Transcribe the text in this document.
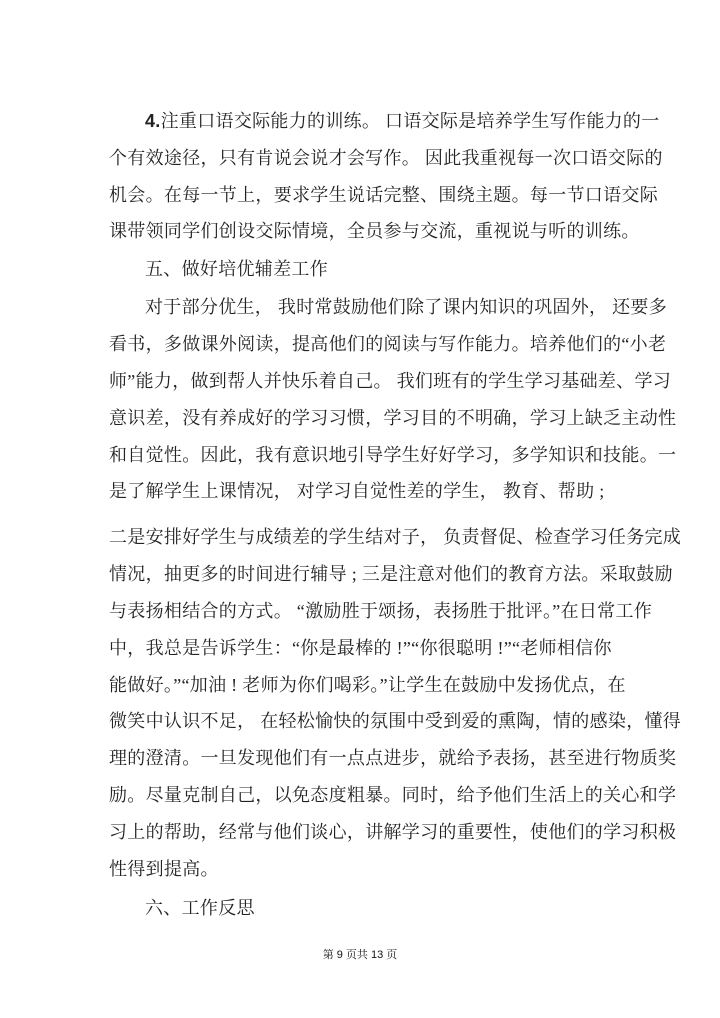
4.注重口语交际能力的训练。 口语交际是培养学生写作能力的一
个有效途径，只有肯说会说才会写作。 因此我重视每一次口语交际的
机会。在每一节上，要求学生说话完整、围绕主题。每一节口语交际
课带领同学们创设交际情境，全员参与交流，重视说与听的训练。
五、做好培优辅差工作
对于部分优生， 我时常鼓励他们除了课内知识的巩固外， 还要多
看书，多做课外阅读，提高他们的阅读与写作能力。培养他们的“小老
师”能力，做到帮人并快乐着自己。 我们班有的学生学习基础差、学习
意识差，没有养成好的学习习惯，学习目的不明确，学习上缺乏主动性
和自觉性。因此，我有意识地引导学生好好学习，多学知识和技能。一
是了解学生上课情况， 对学习自觉性差的学生， 教育、帮助 ;
二是安排好学生与成绩差的学生结对子， 负责督促、检查学习任务完成
情况，抽更多的时间进行辅导 ; 三是注意对他们的教育方法。采取鼓励
与表扬相结合的方式。 “激励胜于颂扬，表扬胜于批评。”在日常工作
中，我总是告诉学生：“你是最棒的 !”“你很聪明 !”“老师相信你
能做好。”“加油 ! 老师为你们喝彩。”让学生在鼓励中发扬优点，在
微笑中认识不足， 在轻松愉快的氛围中受到爱的熏陶，情的感染，懂得
理的澄清。一旦发现他们有一点点进步，就给予表扬，甚至进行物质奖
励。尽量克制自己，以免态度粗暴。同时，给予他们生活上的关心和学
习上的帮助，经常与他们谈心，讲解学习的重要性，使他们的学习积极
性得到提高。
六、工作反思
第 9 页共 13 页
